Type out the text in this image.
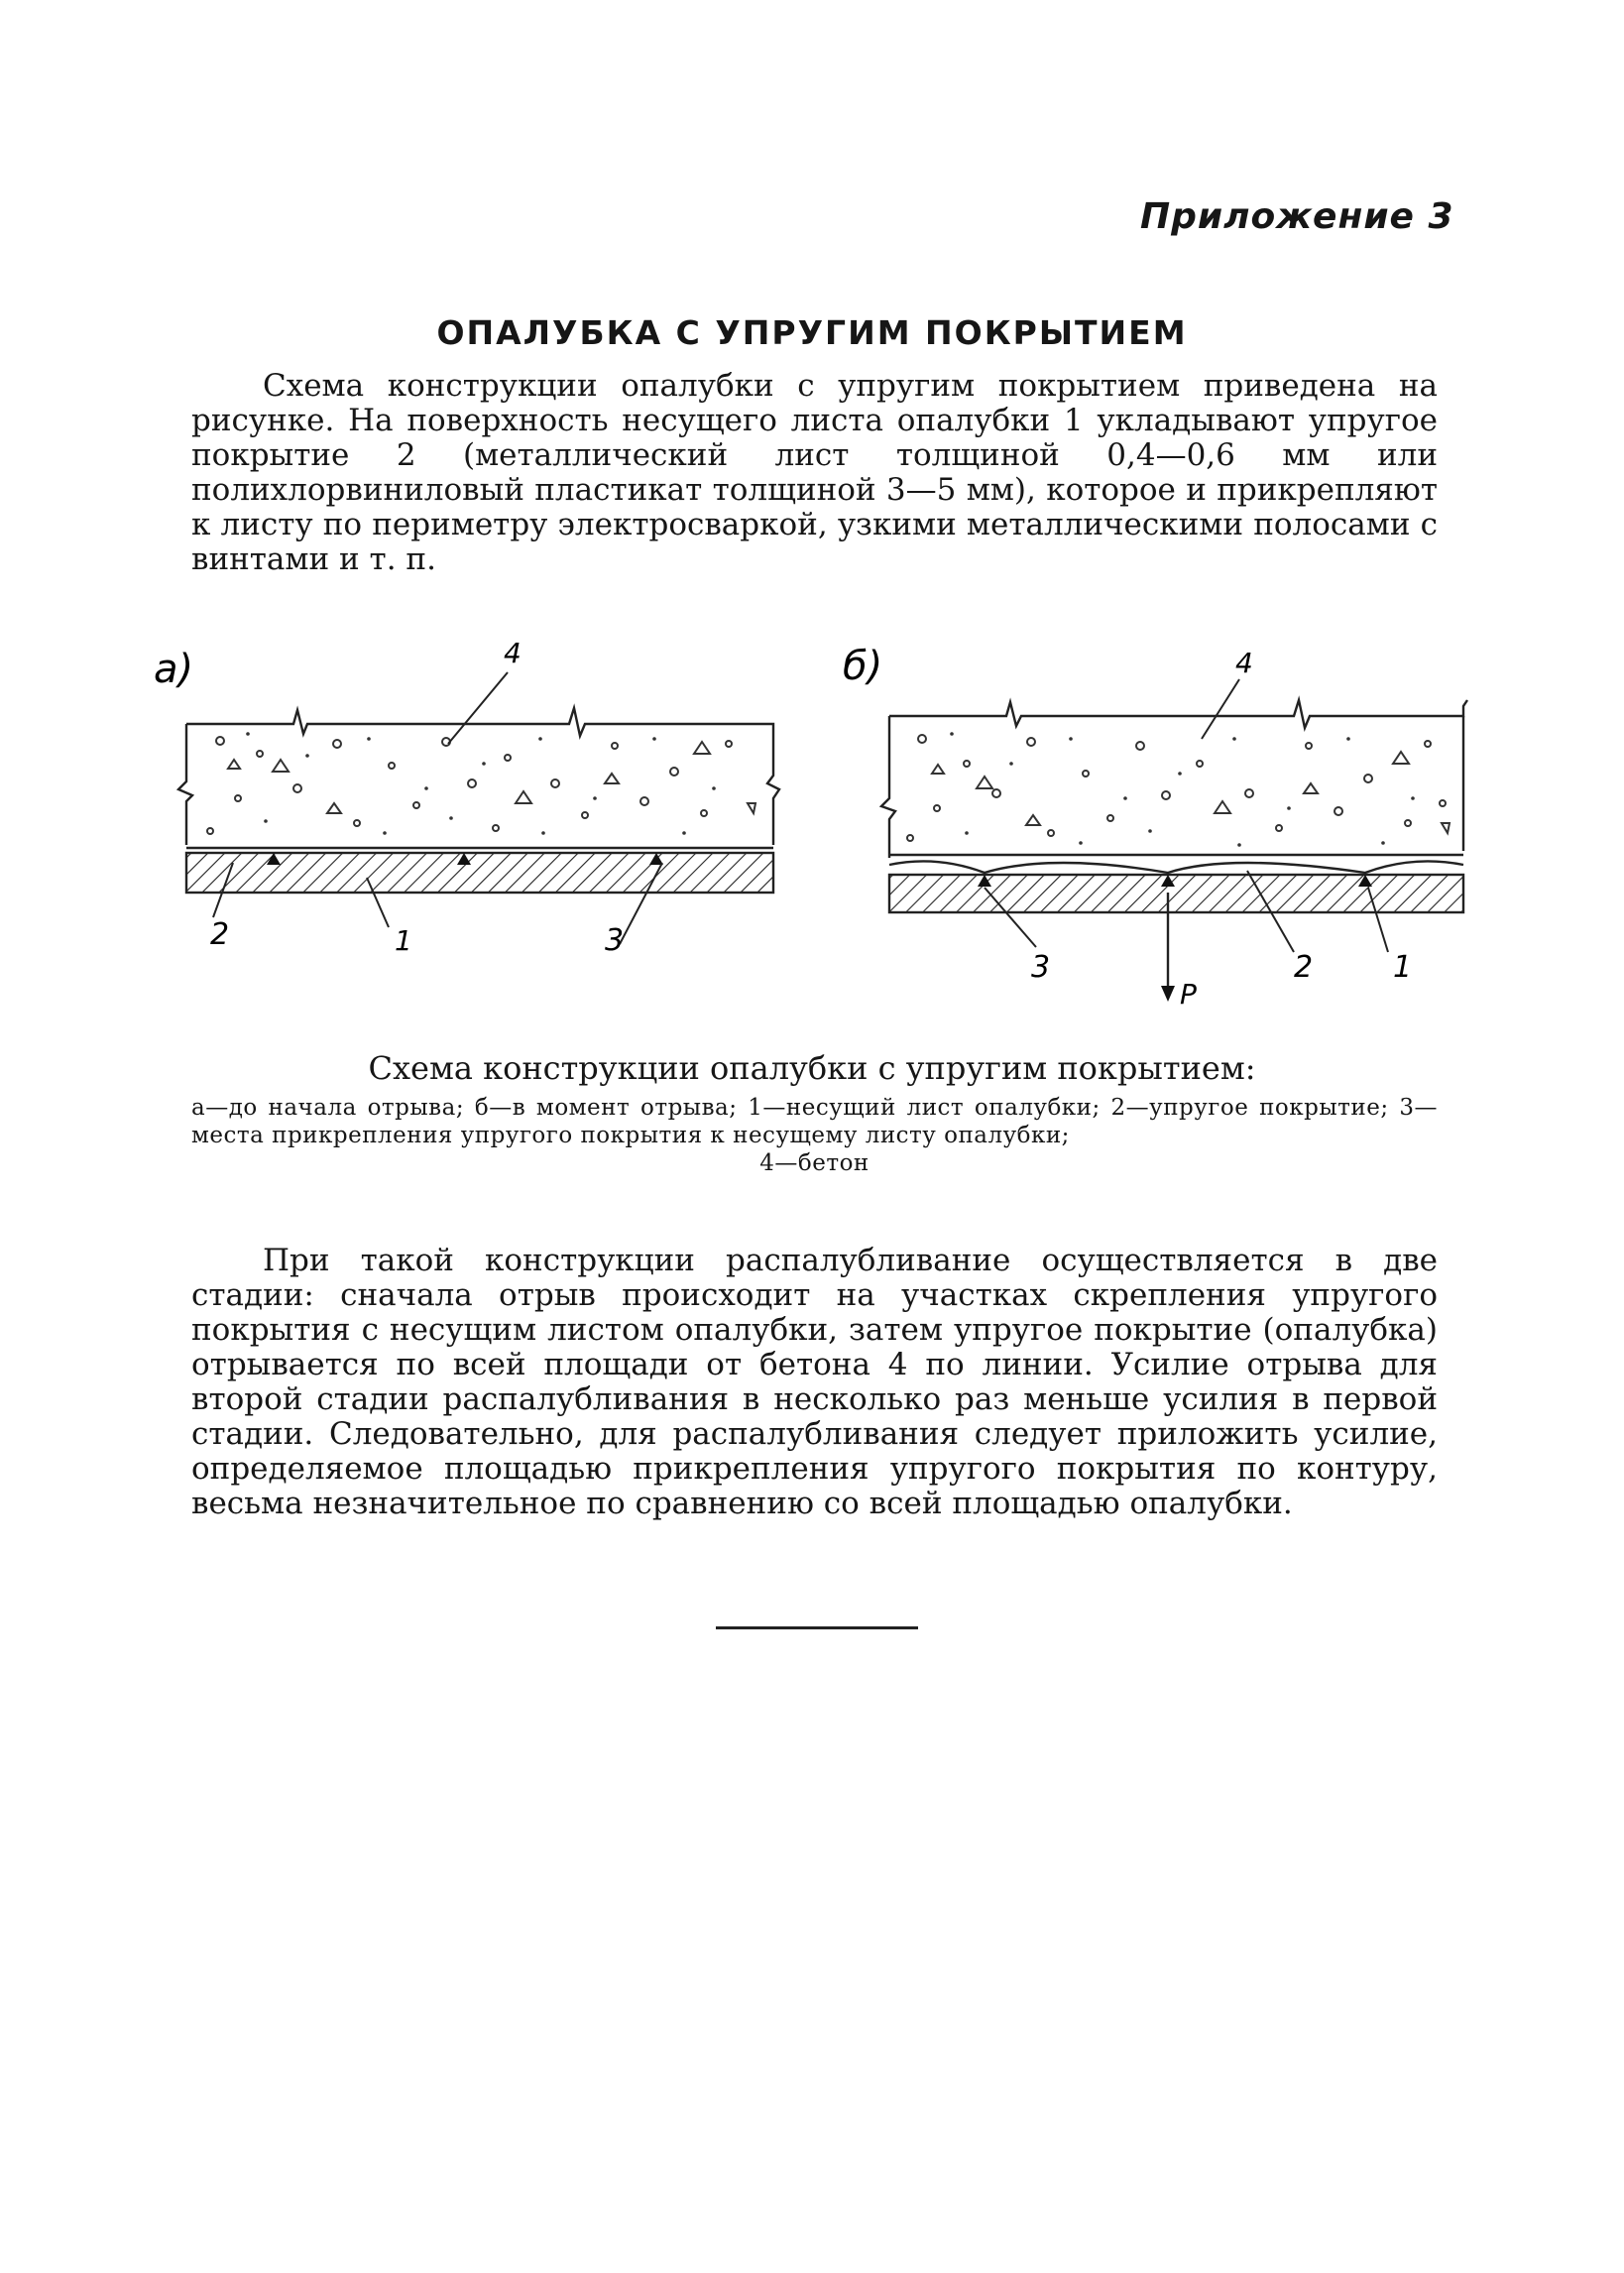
Приложение 3
ОПАЛУБКА С УПРУГИМ ПОКРЫТИЕМ

Схема конструкции опалубки с упругим покрытием приведена на рисунке. На поверхность несущего листа опалубки 1 укладывают упругое покрытие 2 (металлический лист толщиной 0,4—0,6 мм или полихлорвиниловый пластикат толщиной 3—5 мм), которое и прикрепляют к листу по периметру электросваркой, узкими металлическими полосами с винтами и т. п.

а)	4
2	1	3
б)
P
4
3	2	1
Схема конструкции опалубки с упругим покрытием:
а—до начала отрыва; б—в момент отрыва; 1—несущий лист опалубки; 2—упругое покрытие; 3—места прикрепления упругого покрытия к несущему листу опалубки;
4—бетон

При такой конструкции распалубливание осуществляется в две стадии: сначала отрыв происходит на участках скрепления упругого покрытия с несущим листом опалубки, затем упругое покрытие (опалубка) отрывается по всей площади от бетона 4 по линии. Усилие отрыва для второй стадии распалубливания в несколько раз меньше усилия в первой стадии. Следовательно, для распалубливания следует приложить усилие, определяемое площадью прикрепления упругого покрытия по контуру, весьма незначительное по сравнению со всей площадью опалубки.
